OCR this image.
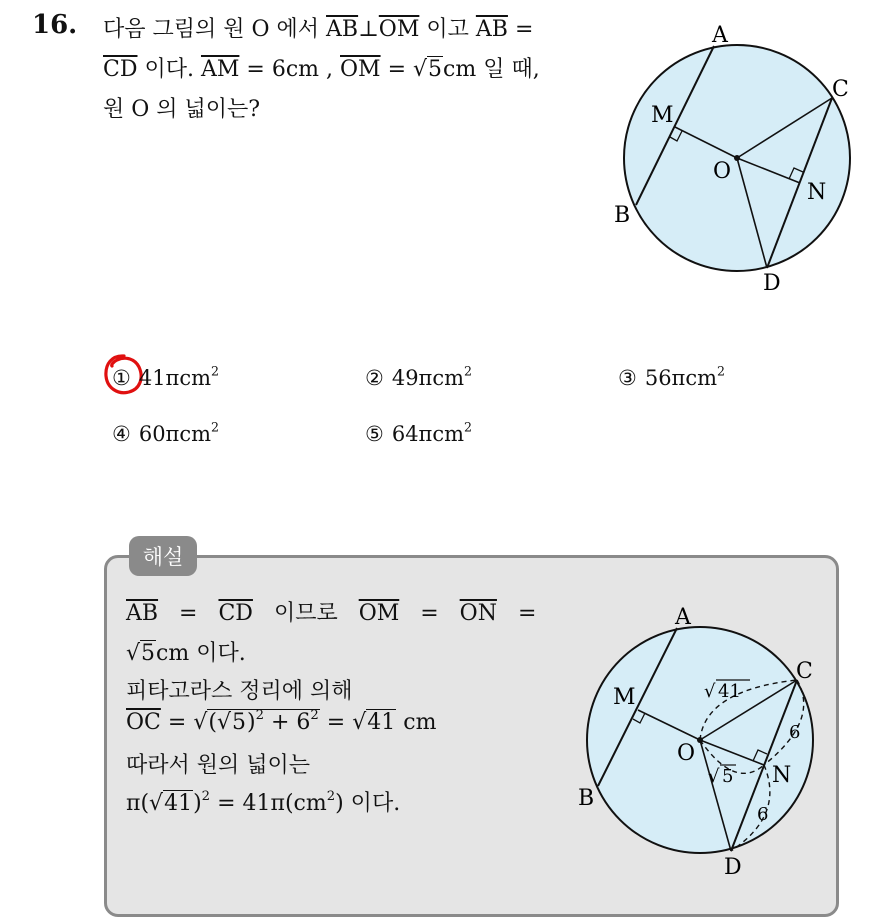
16. 다음 그림의 원 O 에서 $\overline{AB}\perp\overline{OM}$ 이고 $\overline{AB}$ =
$\overline{CD}$ 이다. $\overline{AM} = 6cm$ , $\overline{OM} = √5cm$ 일 때,
원 O 의 넓이는?
A
B
C
D
M
N
O
① 41πcm$^2$	② 49πcm$^2$	③ 56πcm$^2$
④ 60πcm$^2$	⑤ 64πcm$^2$
해설
$\overline{AB} = \overline{CD}$ 이므로 $\overline{OM} = \overline{ON}$ =
√5cm 이다.
피타고라스 정리에 의해
$\overline{OC} = √(√5)^2 + 6^2 = √41$ cm
따라서 원의 넓이는
$\pi(√41)^2 = 41\pi(cm^2)$ 이다.
A
B
C
D
M
N
O
√ 41
√ 5
6
6
